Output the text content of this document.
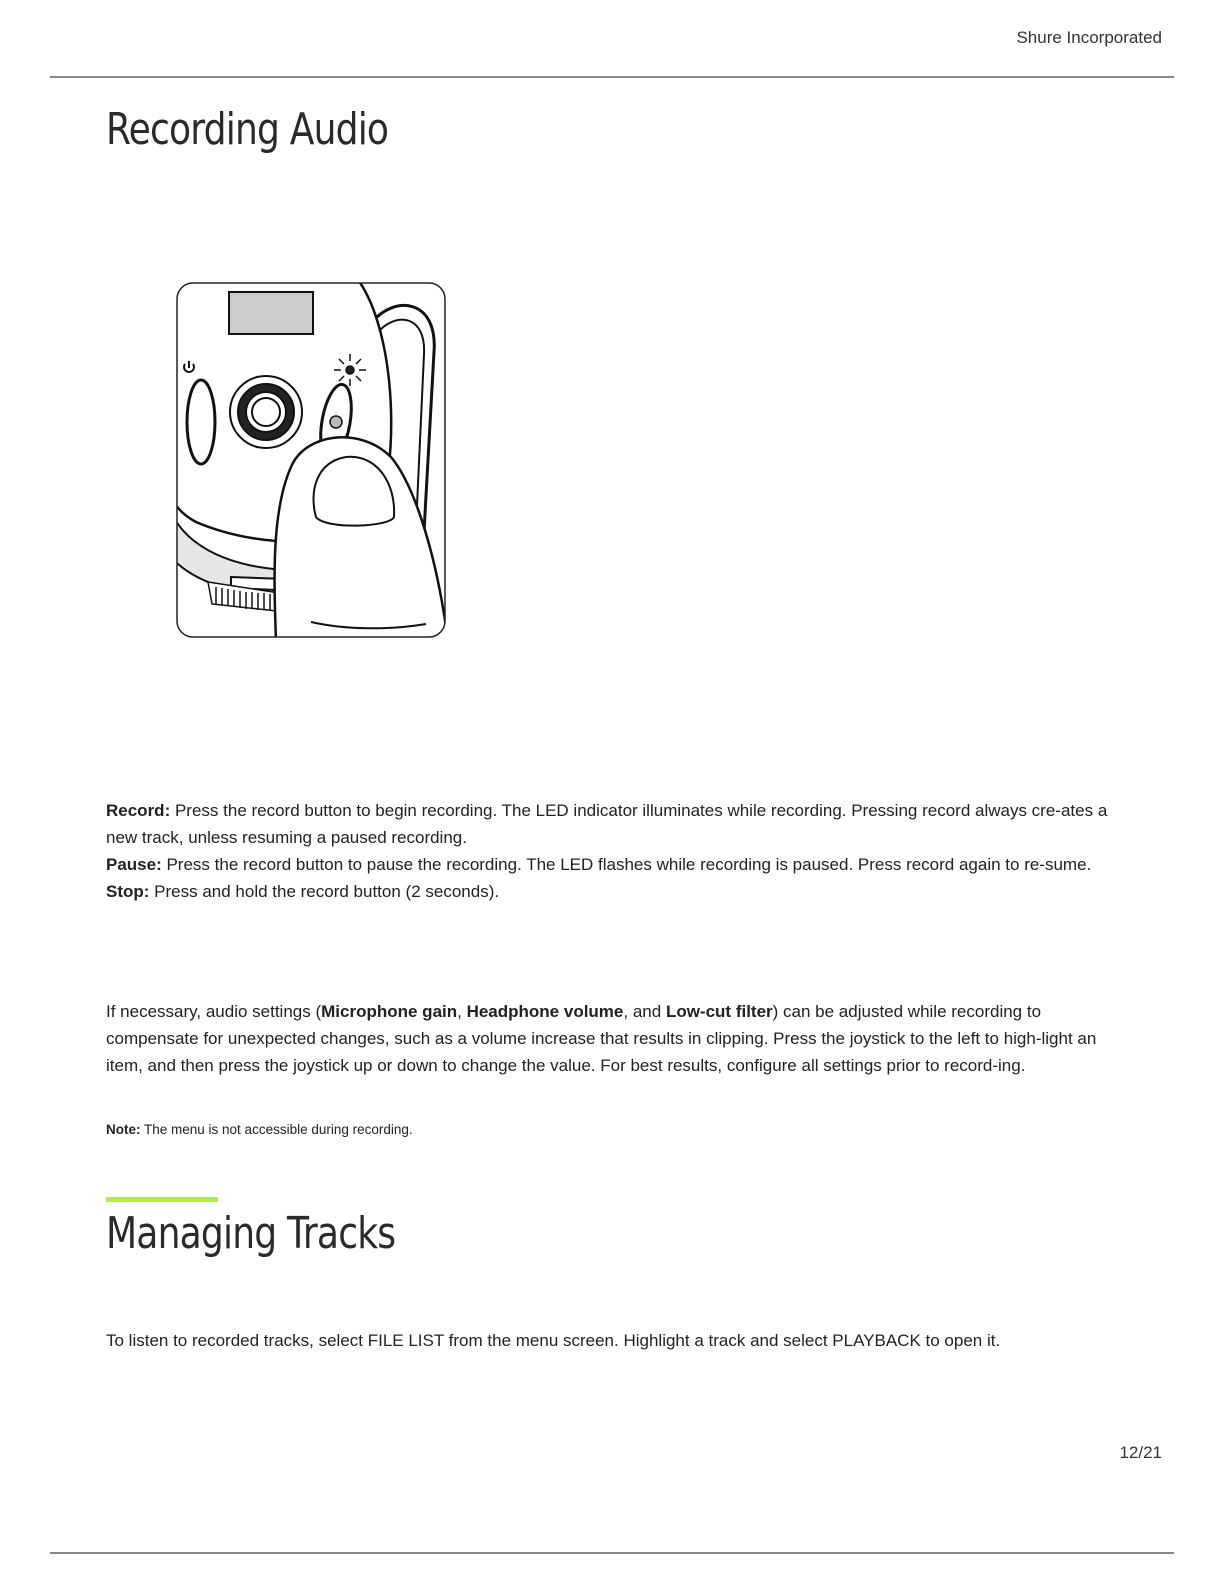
Shure Incorporated
Recording Audio

Record: Press the record button to begin recording. The LED indicator illuminates while recording. Pressing record always cre-ates a new track, unless resuming a paused recording.

Pause: Press the record button to pause the recording. The LED flashes while recording is paused. Press record again to re-sume.

Stop: Press and hold the record button (2 seconds).

If necessary, audio settings (Microphone gain, Headphone volume, and Low-cut filter) can be adjusted while recording to compensate for unexpected changes, such as a volume increase that results in clipping. Press the joystick to the left to high-light an item, and then press the joystick up or down to change the value. For best results, configure all settings prior to record-ing.

Note: The menu is not accessible during recording.

Managing Tracks

To listen to recorded tracks, select FILE LIST from the menu screen. Highlight a track and select PLAYBACK to open it.

12/21
